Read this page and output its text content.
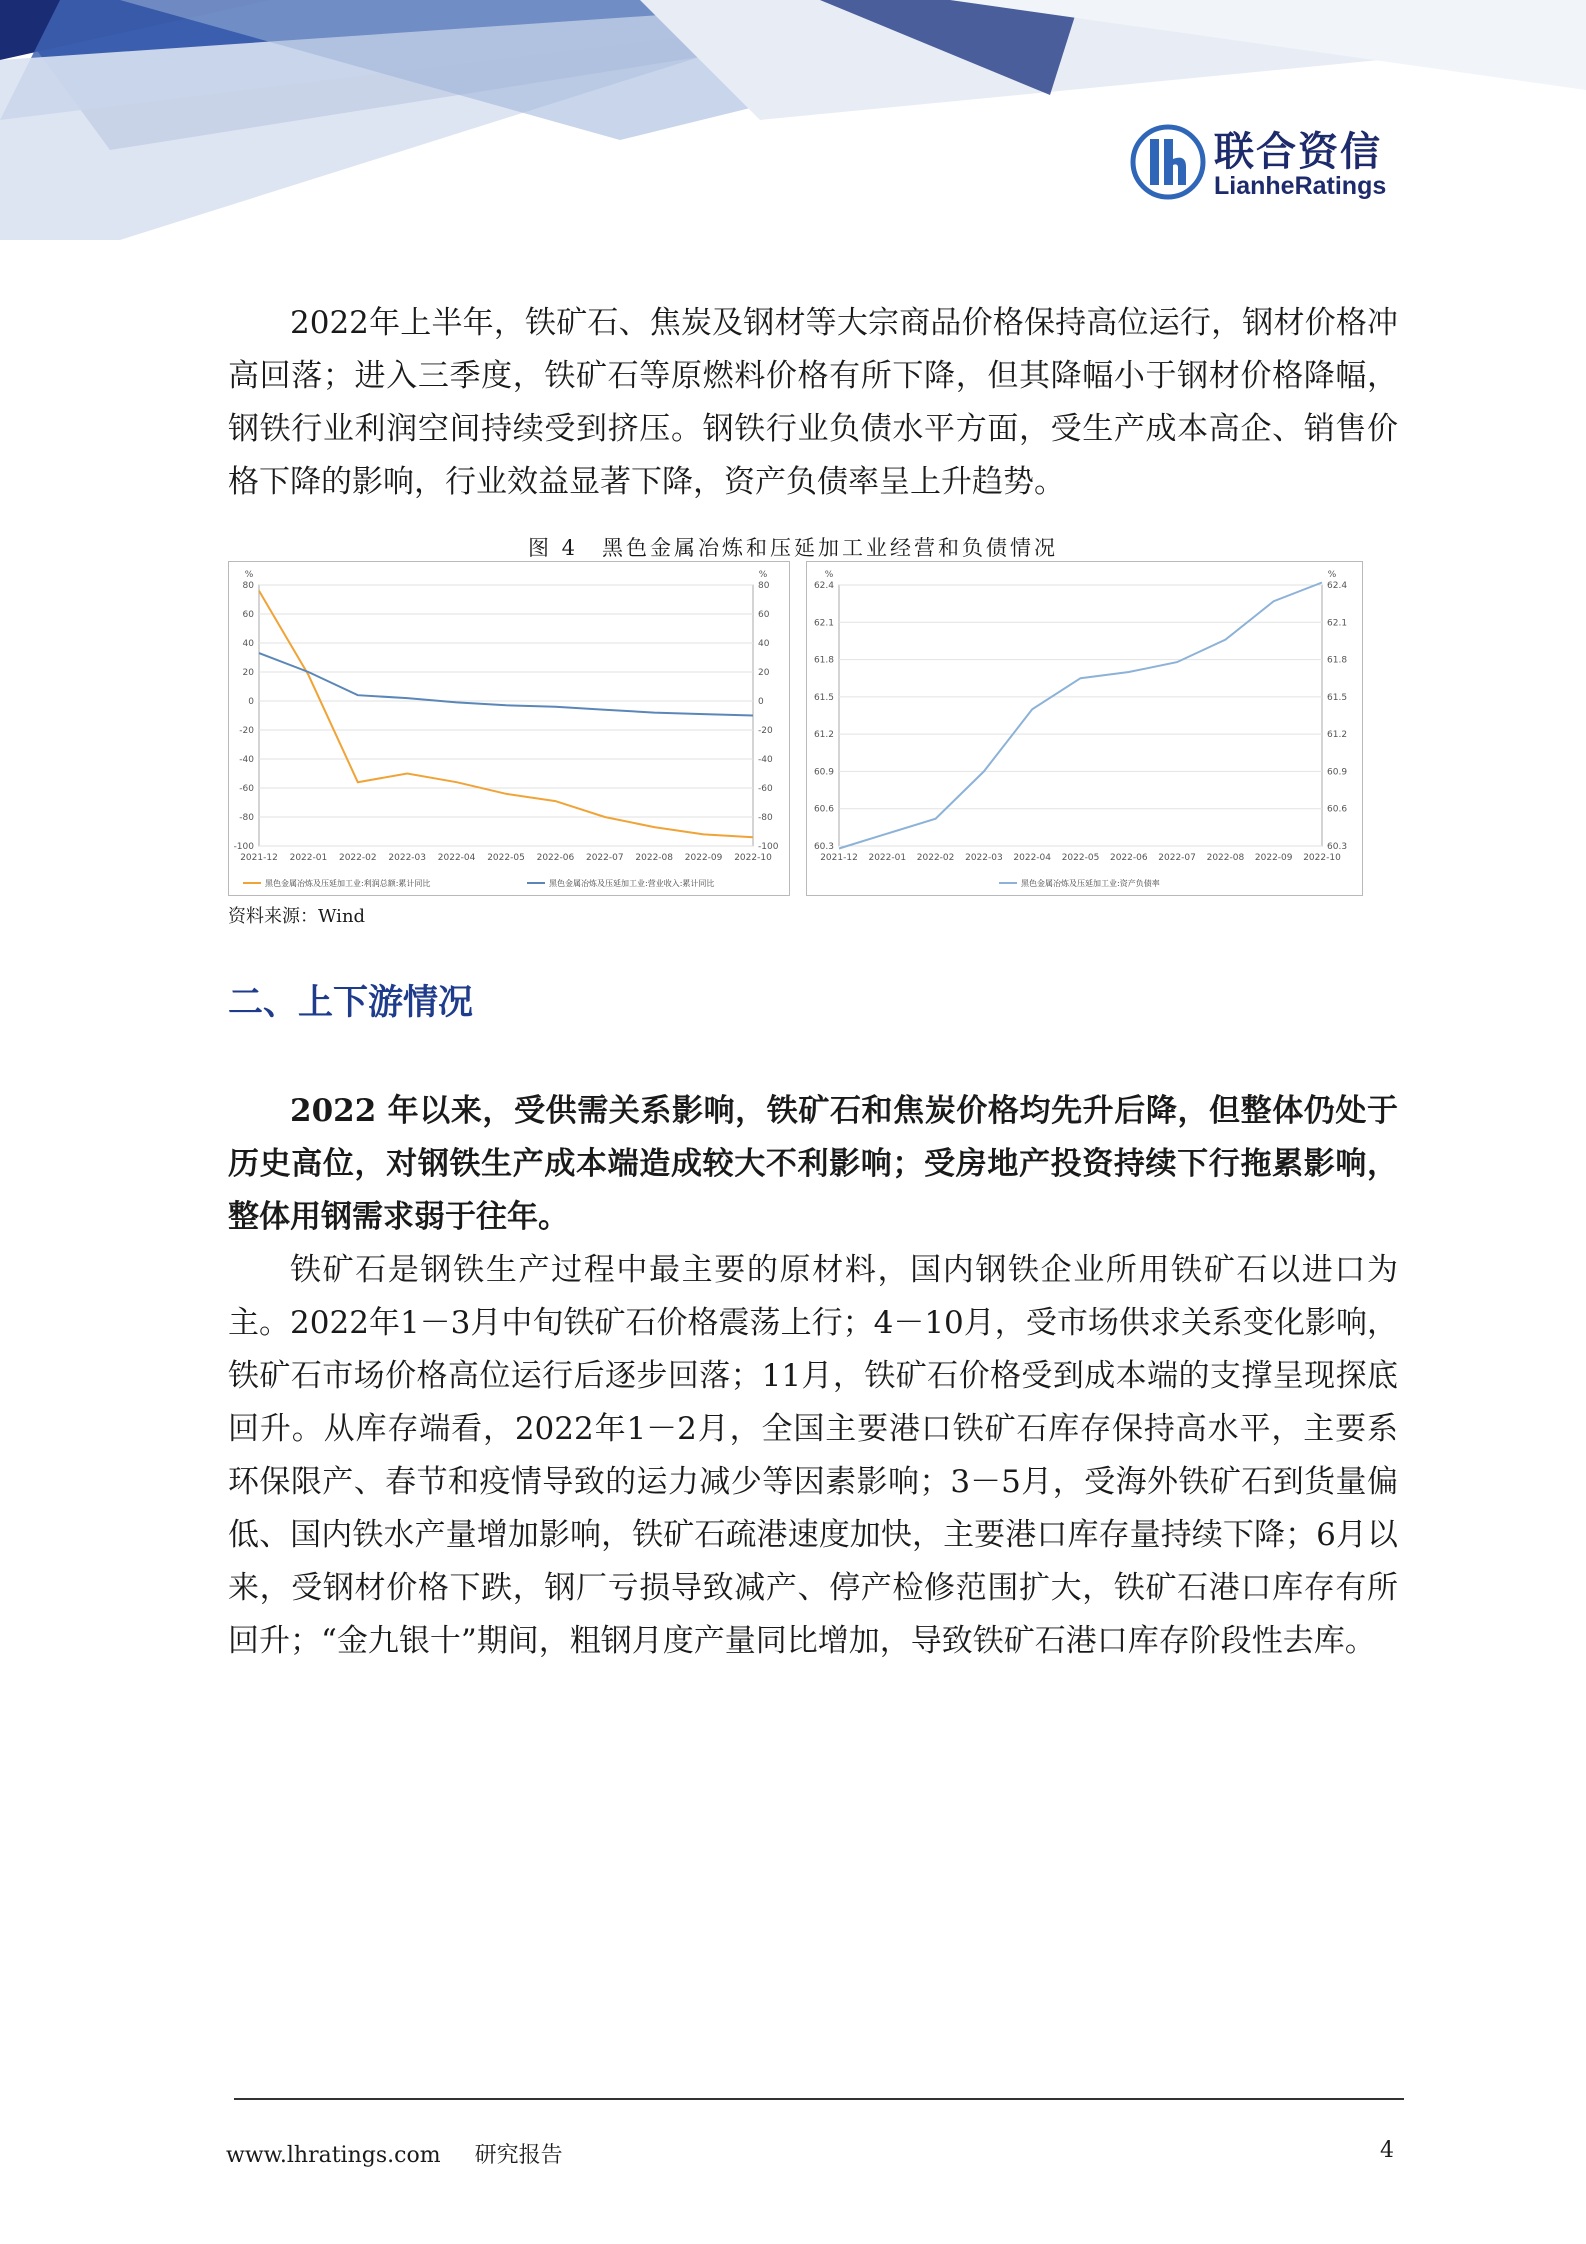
联合资信
LianheRatings

2022年上半年，铁矿石、焦炭及钢材等大宗商品价格保持高位运行，钢材价格冲高回落；进入三季度，铁矿石等原燃料价格有所下降，但其降幅小于钢材价格降幅，钢铁行业利润空间持续受到挤压。钢铁行业负债水平方面，受生产成本高企、销售价格下降的影响，行业效益显著下降，资产负债率呈上升趋势。

图 4　黑色金属冶炼和压延加工业经营和负债情况
80	80
60	60
40	40
20	20
0	0
-20	-20
-40	-40
-60	-60
-80	-80
-100	-100
%	%
2021-12 2022-01 2022-02 2022-03 2022-04 2022-05 2022-06 2022-07 2022-08 2022-09 2022-10
黑色金属冶炼及压延加工业:利润总额:累计同比	黑色金属冶炼及压延加工业:营业收入:累计同比
62.4	62.4
62.1	62.1
61.8	61.8
61.5	61.5
61.2	61.2
60.9	60.9
60.6	60.6
60.3	60.3
%	%
2021-12 2022-01 2022-02 2022-03 2022-04 2022-05 2022-06 2022-07 2022-08 2022-09 2022-10
黑色金属冶炼及压延加工业:资产负债率
资料来源：Wind
二、上下游情况

2022 年以来，受供需关系影响，铁矿石和焦炭价格均先升后降，但整体仍处于历史高位，对钢铁生产成本端造成较大不利影响；受房地产投资持续下行拖累影响，整体用钢需求弱于往年。

铁矿石是钢铁生产过程中最主要的原材料，国内钢铁企业所用铁矿石以进口为主。2022年1－3月中旬铁矿石价格震荡上行；4－10月，受市场供求关系变化影响，铁矿石市场价格高位运行后逐步回落；11月，铁矿石价格受到成本端的支撑呈现探底回升。从库存端看，2022年1－2月，全国主要港口铁矿石库存保持高水平，主要系环保限产、春节和疫情导致的运力减少等因素影响；3－5月，受海外铁矿石到货量偏低、国内铁水产量增加影响，铁矿石疏港速度加快，主要港口库存量持续下降；6月以来，受钢材价格下跌，钢厂亏损导致减产、停产检修范围扩大，铁矿石港口库存有所回升；“金九银十”期间，粗钢月度产量同比增加，导致铁矿石港口库存阶段性去库。

www.lhratings.com 研究报告	4
